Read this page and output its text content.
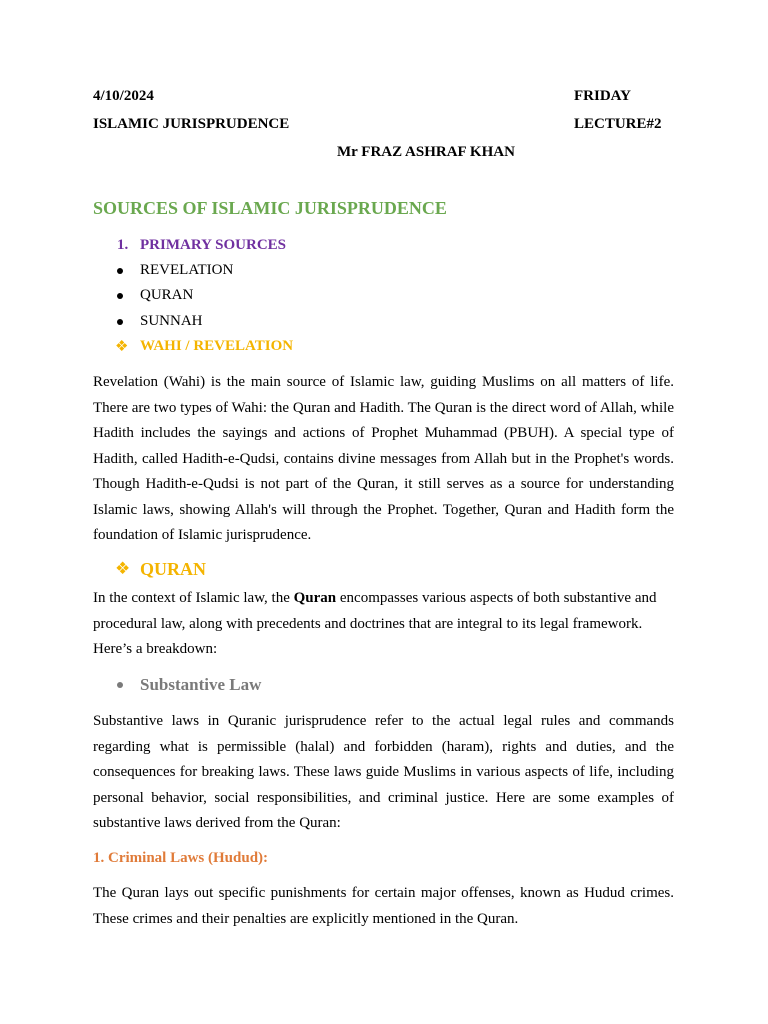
4/10/2024	FRIDAY
ISLAMIC JURISPRUDENCE	LECTURE#2
Mr FRAZ ASHRAF KHAN
SOURCES OF ISLAMIC JURISPRUDENCE
1. PRIMARY SOURCES
REVELATION
QURAN
SUNNAH
❖ WAHI / REVELATION
Revelation (Wahi) is the main source of Islamic law, guiding Muslims on all matters of life. There are two types of Wahi: the Quran and Hadith. The Quran is the direct word of Allah, while Hadith includes the sayings and actions of Prophet Muhammad (PBUH). A special type of Hadith, called Hadith-e-Qudsi, contains divine messages from Allah but in the Prophet's words. Though Hadith-e-Qudsi is not part of the Quran, it still serves as a source for understanding Islamic laws, showing Allah's will through the Prophet. Together, Quran and Hadith form the foundation of Islamic jurisprudence.
❖ QURAN
In the context of Islamic law, the Quran encompasses various aspects of both substantive and procedural law, along with precedents and doctrines that are integral to its legal framework. Here’s a breakdown:
Substantive Law
Substantive laws in Quranic jurisprudence refer to the actual legal rules and commands regarding what is permissible (halal) and forbidden (haram), rights and duties, and the consequences for breaking laws. These laws guide Muslims in various aspects of life, including personal behavior, social responsibilities, and criminal justice. Here are some examples of substantive laws derived from the Quran:
1. Criminal Laws (Hudud):
The Quran lays out specific punishments for certain major offenses, known as Hudud crimes. These crimes and their penalties are explicitly mentioned in the Quran.
